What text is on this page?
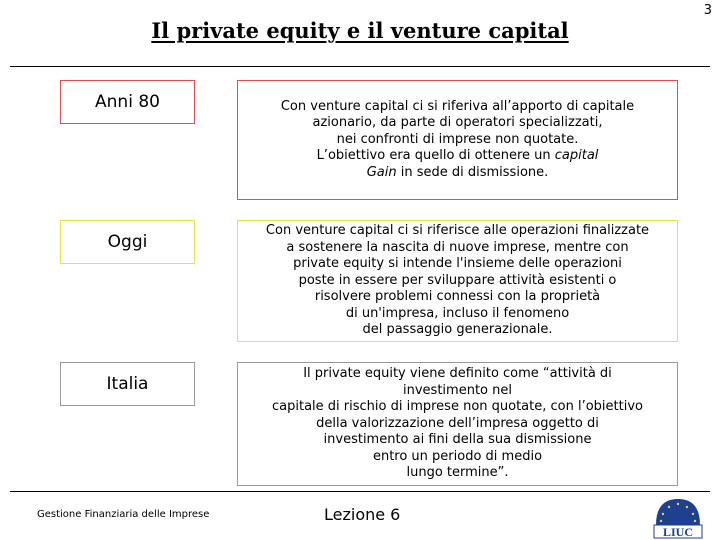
Il private equity e il venture capital
3
Anni 80	Con venture capital ci si riferiva all’apporto di capitale
azionario, da parte di operatori specializzati,
nei confronti di imprese non quotate.
L’obiettivo era quello di ottenere un capital
Gain in sede di dismissione.
Oggi
Con venture capital ci si riferisce alle operazioni finalizzate
a sostenere la nascita di nuove imprese, mentre con
private equity si intende l'insieme delle operazioni
poste in essere per sviluppare attività esistenti o
risolvere problemi connessi con la proprietà
di un'impresa, incluso il fenomeno
del passaggio generazionale.
Italia
Il private equity viene definito come “attività di
investimento nel
capitale di rischio di imprese non quotate, con l’obiettivo
della valorizzazione dell’impresa oggetto di
investimento ai fini della sua dismissione
entro un periodo di medio
lungo termine”.
Gestione Finanziaria delle Imprese	Lezione 6
LIUC
